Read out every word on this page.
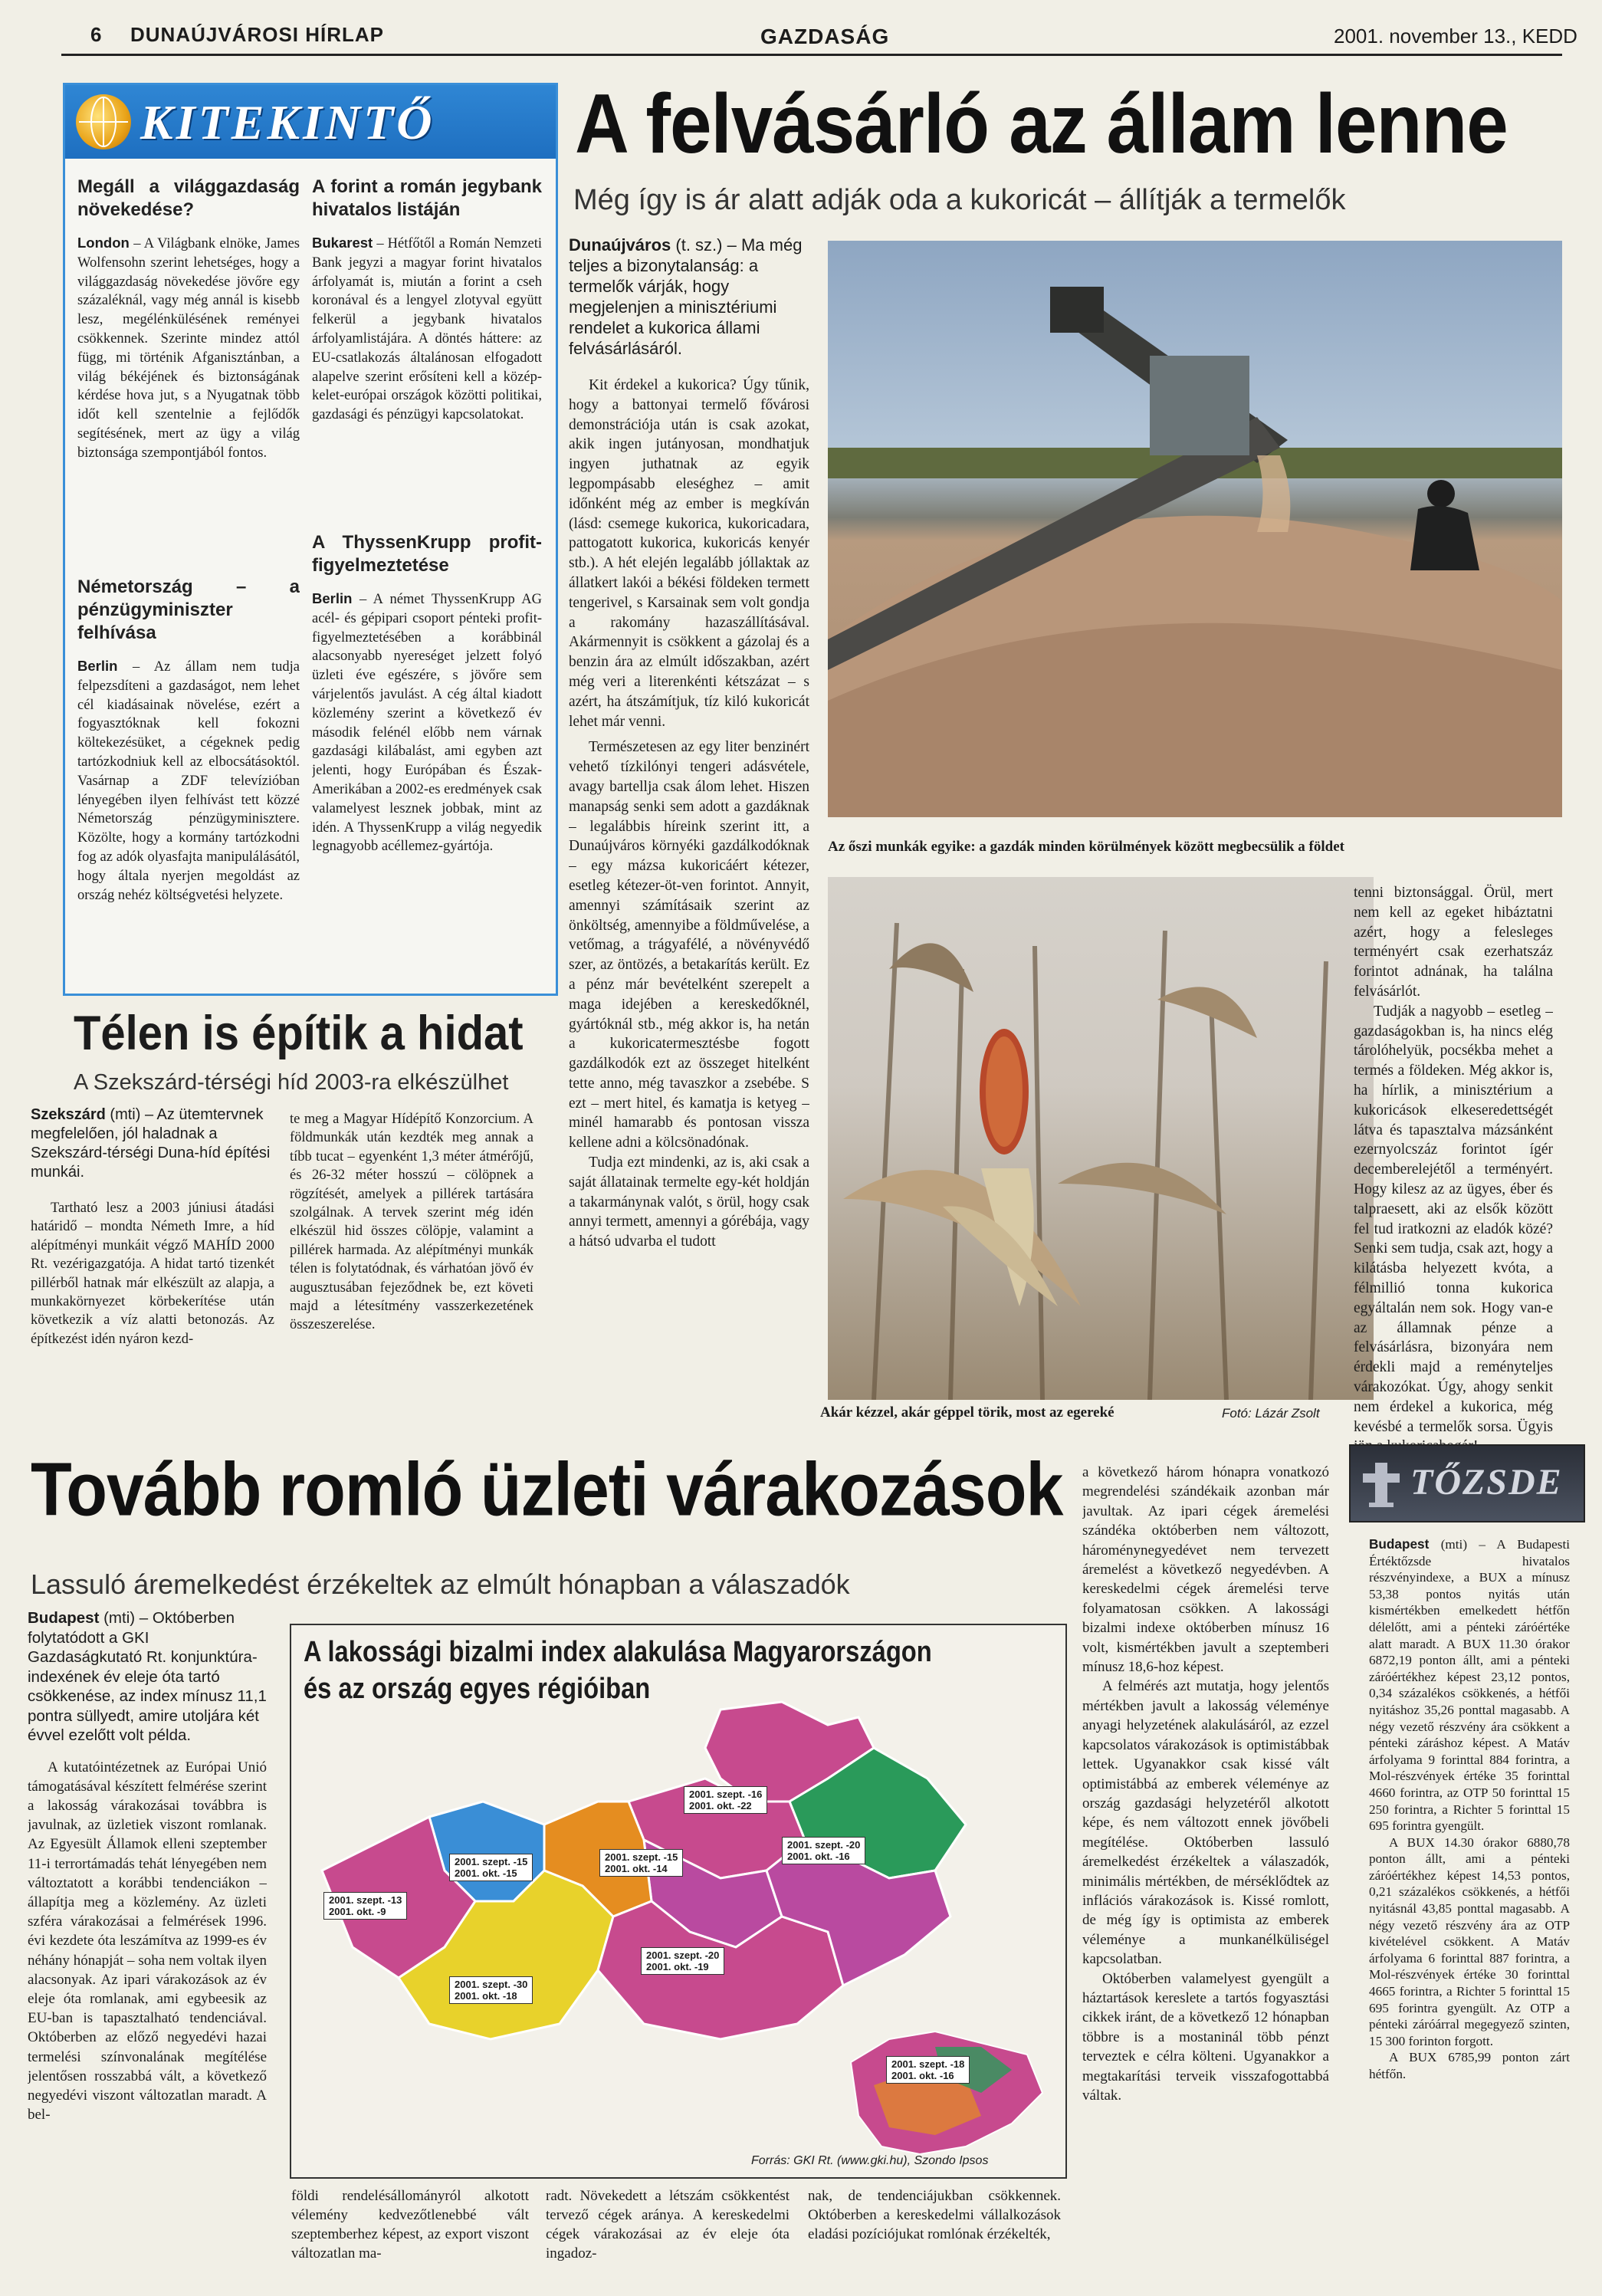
6 DUNAÚJVÁROSI HÍRLAP	GAZDASÁG	2001. november 13., KEDD
KITEKINTŐ
Megáll a világgazdaság növekedése?
London – A Világbank elnöke, James Wolfensohn szerint lehetséges, hogy a világgazdaság növekedése jövőre egy százaléknál, vagy még annál is kisebb lesz, megélénkülésének reményei csökkennek. Szerinte mindez attól függ, mi történik Afganisztánban, a világ békéjének és biztonságának kérdése hova jut, s a Nyugatnak több időt kell szentelnie a fejlődők segítésének, mert az ügy a világ biztonsága szempontjából fontos.
Németország – a pénzügyminiszter felhívása
Berlin – Az állam nem tudja felpezsdíteni a gazdaságot, nem lehet cél kiadásainak növelése, ezért a fogyasztóknak kell fokozni költekezésüket, a cégeknek pedig tartózkodniuk kell az elbocsátásoktól. Vasárnap a ZDF televízióban lényegében ilyen felhívást tett közzé Németország pénzügyminisztere. Közölte, hogy a kormány tartózkodni fog az adók olyasfajta manipulálásától, hogy általa nyerjen megoldást az ország nehéz költségvetési helyzete.
A forint a román jegybank hivatalos listáján
Bukarest – Hétfőtől a Román Nemzeti Bank jegyzi a magyar forint hivatalos árfolyamát is, miután a forint a cseh koronával és a lengyel zlotyval együtt felkerül a jegybank hivatalos árfolyamlistájára. A döntés háttere: az EU-csatlakozás általánosan elfogadott alapelve szerint erősíteni kell a közép-kelet-európai országok közötti politikai, gazdasági és pénzügyi kapcsolatokat.
A ThyssenKrupp profit-figyelmeztetése
Berlin – A német ThyssenKrupp AG acél- és gépipari csoport pénteki profit-figyelmeztetésében a korábbinál alacsonyabb nyereséget jelzett folyó üzleti éve egészére, s jövőre sem várjelentős javulást. A cég által kiadott közlemény szerint a következő év második felénél előbb nem várnak gazdasági kilábalást, ami egyben azt jelenti, hogy Európában és Észak-Amerikában a 2002-es eredmények csak valamelyest lesznek jobbak, mint az idén. A ThyssenKrupp a világ negyedik legnagyobb acéllemez-gyártója.
A felvásárló az állam lenne
Még így is ár alatt adják oda a kukoricát – állítják a termelők

Dunaújváros (t. sz.) – Ma még teljes a bizonytalanság: a termelők várják, hogy megjelenjen a minisztériumi rendelet a kukorica állami felvásárlásáról.

Kit érdekel a kukorica? Úgy tűnik, hogy a battonyai termelő fővárosi demonstrációja után is csak azokat, akik ingen jutányosan, mondhatjuk ingyen juthatnak az egyik legpompásabb eleséghez – amit időnként még az ember is megkíván (lásd: csemege kukorica, kukoricadara, pattogatott kukorica, kukoricás kenyér stb.). A hét elején legalább jóllaktak az állatkert lakói a békési földeken termett tengerivel, s Karsainak sem volt gondja a rakomány hazaszállításával. Akármennyit is csökkent a gázolaj és a benzin ára az elmúlt időszakban, azért még veri a literenkénti kétszázat – s azért, ha átszámítjuk, tíz kiló kukoricát lehet már venni.

Természetesen az egy liter benzinért vehető tízkilónyi tengeri adásvétele, avagy bartellja csak álom lehet. Hiszen manapság senki sem adott a gazdáknak – legalábbis híreink szerint itt, a Dunaújváros környéki gazdálkodóknak – egy mázsa kukoricáért kétezer, esetleg kétezer-öt-ven forintot. Annyit, amennyi számításaik szerint az önköltség, amennyibe a földművelése, a vetőmag, a trágyafélé, a növényvédő szer, az öntözés, a betakarítás került. Ez a pénz már bevételként szerepelt a maga idejében a kereskedőknél, gyártóknál stb., még akkor is, ha netán a kukoricatermesztésbe fogott gazdálkodók ezt az összeget hitelként tette anno, még tavaszkor a zsebébe. S ezt – mert hitel, és kamatja is ketyeg – minél hamarabb és pontosan vissza kellene adni a kölcsönadónak.

Tudja ezt mindenki, az is, aki csak a saját állatainak termelte egy-két holdján a takarmánynak valót, s örül, hogy csak annyi termett, amennyi a górébája, vagy a hátsó udvarba el tudott

Az őszi munkák egyike: a gazdák minden körülmények között megbecsülik a földet
Akár kézzel, akár géppel törik, most az egereké	Fotó: Lázár Zsolt

tenni biztonsággal. Örül, mert nem kell az egeket hibáztatni azért, hogy a felesleges terményért csak ezerhatszáz forintot adnának, ha találna felvásárlót.

Tudják a nagyobb – esetleg – gazdaságokban is, ha nincs elég tárolóhelyük, pocsékba mehet a termés a földeken. Még akkor is, ha hírlik, a minisztérium a kukoricások elkeseredettségét látva és tapasztalva mázsánként ezernyolcszáz forintot ígér decemberelejétől a terményért. Hogy kilesz az az ügyes, éber és talpraesett, aki az elsők között fel tud iratkozni az eladók közé? Senki sem tudja, csak azt, hogy a kilátásba helyezett kvóta, a félmillió tonna kukorica egyáltalán nem sok. Hogy van-e az államnak pénze a felvásárlásra, bizonyára nem érdekli majd a reményteljes várakozókat. Úgy, ahogy senkit nem érdekel a kukorica, még kevésbé a termelők sorsa. Ügyis

Télen is építik a hidat
A Szekszárd-térségi híd 2003-ra elkészülhet

Szekszárd (mti) – Az ütemtervnek megfelelően, jól haladnak a Szekszárd-térségi Duna-híd építési munkái.

Tartható lesz a 2003 júniusi átadási határidő – mondta Németh Imre, a híd alépítményi munkáit végző MAHÍD 2000 Rt. vezérigazgatója. A hidat tartó tizenkét pillérből hatnak már elkészült az alapja, a munkakörnyezet körbekerítése után következik a víz alatti betonozás. Az építkezést idén nyáron kezd-

te meg a Magyar Hídépítő Konzorcium. A földmunkák után kezdték meg annak a tíbb tucat – egyenként 1,3 méter átmérőjű, és 26-32 méter hosszú – cölöpnek a rögzítését, amelyek a pillérek tartására szolgálnak. A tervek szerint még idén elkészül hid összes cölöpje, valamint a pillérek harmada. Az alépítményi munkák télen is folytatódnak, és várhatóan jövő év augusztusában fejeződnek be, ezt követi majd a létesítmény vasszerkezetének összeszerelése.

Tovább romló üzleti várakozások
Lassuló áremelkedést érzékeltek az elmúlt hónapban a válaszadók

Budapest (mti) – Októberben folytatódott a GKI Gazdaságkutató Rt. konjunktúra-indexének év eleje óta tartó csökkenése, az index mínusz 11,1 pontra süllyedt, amire utoljára két évvel ezelőtt volt példa.

A kutatóintézetnek az Európai Unió támogatásával készített felmérése szerint a lakosság várakozásai továbbra is javulnak, az üzletiek viszont romlanak. Az Egyesült Államok elleni szeptember 11-i terrortámadás tehát lényegében nem változtatott a korábbi tendenciákon – állapítja meg a közlemény. Az üzleti szféra várakozásai a felmérések 1996. évi kezdete óta leszámítva az 1999-es év néhány hónapját – soha nem voltak ilyen alacsonyak. Az ipari várakozások az év eleje óta romlanak, ami egybeesik az EU-ban is tapasztalható tendenciával. Októberben az előző negyedévi hazai termelési színvonalának megítélése jelentősen rosszabbá vált, a következő negyedévi viszont változatlan maradt. A bel-

A lakossági bizalmi index alakulása Magyarországon
és az ország egyes régióiban
2001. szept. -16
2001. okt. -22
2001. szept. -15
2001. okt. -15
2001. szept. -15
2001. okt. -14
2001. szept. -20
2001. okt. -16
2001. szept. -13
2001. okt. -9
2001. szept. -30
2001. okt. -18
2001. szept. -20
2001. okt. -19
2001. szept. -18
2001. okt. -16
Forrás: GKI Rt. (www.gki.hu), Szondo Ipsos

földi rendelésállományról alkotott vélemény kedvezőtlenebbé vált szeptemberhez képest, az export viszont változatlan ma-

radt. Növekedett a létszám csökkentést tervező cégek aránya. A kereskedelmi cégek várakozásai az év eleje óta ingadoz-

nak, de tendenciájukban csökkennek. Októberben a kereskedelmi vállalkozások eladási pozíciójukat romlónak érzékelték,

a következő három hónapra vonatkozó megrendelési szándékaik azonban már javultak. Az ipari cégek áremelési szándéka októberben nem változott, hároménynegyedévet nem tervezett áremelést a következő negyedévben. A kereskedelmi cégek áremelési terve folyamatosan csökken. A lakossági bizalmi indexe októberben mínusz 16 volt, kismértékben javult a szeptemberi mínusz 18,6-hoz képest.

A felmérés azt mutatja, hogy jelentős mértékben javult a lakosság véleménye anyagi helyzetének alakulásáról, az ezzel kapcsolatos várakozások is optimistábbak lettek. Ugyanakkor csak kissé vált optimistábbá az emberek véleménye az ország gazdasági helyzetéről alkotott képe, és nem változott ennek jövőbeli megítélése. Októberben lassuló áremelkedést érzékeltek a válaszadók, minimális mértékben, de mérséklődtek az inflációs várakozások is. Kissé romlott, de még így is optimista az emberek véleménye a munkanélküliségel kapcsolatban.

Októberben valamelyest gyengült a háztartások kereslete a tartós fogyasztási cikkek iránt, de a következő 12 hónapban többre is a mostaninál több pénzt terveztek e célra költeni. Ugyanakkor a megtakarítási terveik visszafogottabbá váltak.

TŐZSDE

Budapest (mti) – A Budapesti Értéktőzsde hivatalos részvényindexe, a BUX a mínusz 53,38 pontos nyitás után kismértékben emelkedett hétfőn délelőtt, ami a pénteki záróértéke alatt maradt. A BUX 11.30 órakor 6872,19 ponton állt, ami a pénteki záróértékhez képest 23,12 pontos, 0,34 százalékos csökkenés, a hétfői nyitáshoz 35,26 ponttal magasabb. A négy vezető részvény ára csökkent a pénteki záráshoz képest. A Matáv árfolyama 9 forinttal 884 forintra, a Mol-részvények értéke 35 forinttal 4660 forintra, az OTP 50 forinttal 15 250 forintra, a Richter 5 forinttal 15 695 forintra gyengült.

A BUX 14.30 órakor 6880,78 ponton állt, ami a pénteki záróértékhez képest 14,53 pontos, 0,21 százalékos csökkenés, a hétfői nyitásnál 43,85 ponttal magasabb. A négy vezető részvény ára az OTP kivételével csökkent. A Matáv árfolyama 6 forinttal 887 forintra, a Mol-részvények értéke 30 forinttal 4665 forintra, a Richter 5 forinttal 15 695 forintra gyengült. Az OTP a pénteki záróárral megegyező szinten, 15 300 forinton forgott.

A BUX 6785,99 ponton zárt hétfőn.
